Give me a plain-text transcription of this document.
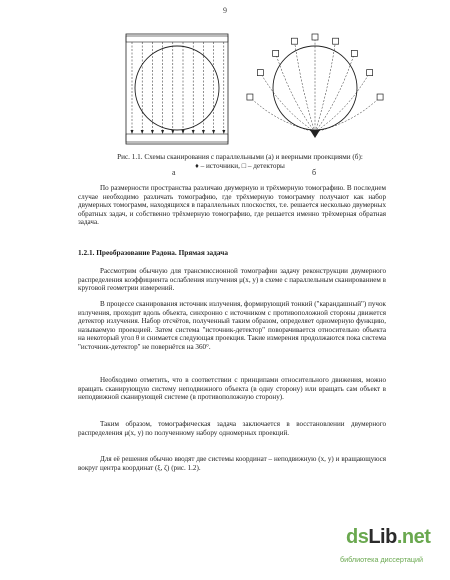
9
а	б
Рис. 1.1. Схемы сканирования с параллельными (а) и веерными проекциями (б):
♦ – источники, □ – детекторы

По размерности пространства различаю двумерную и трёхмерную томографию. В последнем случае необходимо различать томографию, где трёхмерную томограмму получают как набор двумерных томограмм, находящихся в параллельных плоскостях, т.е. решается несколько двумерных обратных задач, и собственно трёхмерную томографию, где решается именно трёхмерная обратная задача.

1.2.1. Преобразование Радона. Прямая задача

Рассмотрим обычную для трансмиссионной томографии задачу реконструкции двумерного распределения коэффициента ослабления излучения μ(x, y) в схеме с параллельным сканированием в круговой геометрии измерений.

В процессе сканирования источник излучения, формирующий тонкий ("карандашный") пучок излучения, проходит вдоль объекта, синхронно с источником с противоположной стороны движется детектор излучения. Набор отсчётов, полученный таким образом, определяет одномерную функцию, называемую проекцией. Затем система "источник-детектор" поворачивается относительно объекта на некоторый угол θ и снимается следующая проекция. Такие измерения продолжаются пока система "источник-детектор" не повернётся на 360°.

Необходимо отметить, что в соответствии с принципами относительного движения, можно вращать сканирующую систему неподвижного объекта (в одну сторону) или вращать сам объект в неподвижной сканирующей системе (в противоположную сторону).

Таким образом, томографическая задача заключается в восстановлении двумерного распределения μ(x, y) по полученному набору одномерных проекций.

Для её решения обычно вводят две системы координат – неподвижную (x, y) и вращающуюся вокруг центра координат (ξ, ζ) (рис. 1.2).

dsLib.net
библиотека диссертаций
